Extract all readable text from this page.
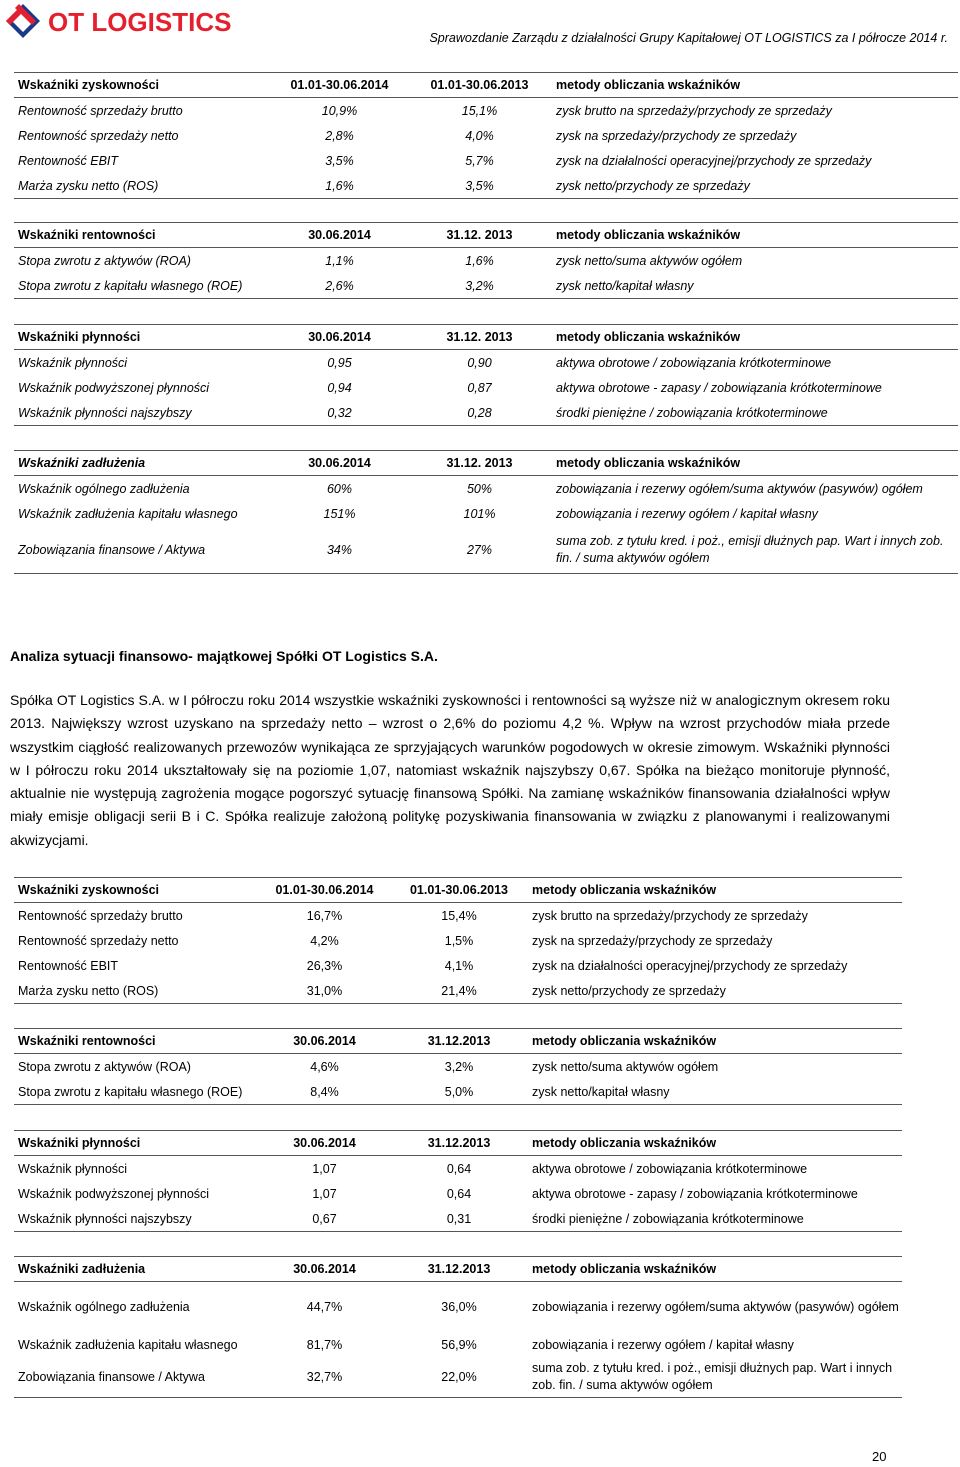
OT LOGISTICS
Sprawozdanie Zarządu z działalności Grupy Kapitałowej OT LOGISTICS za I półrocze 2014 r.
Wskaźniki zyskowności	01.01-30.06.2014	01.01-30.06.2013	metody obliczania wskaźników
Rentowność sprzedaży brutto	10,9%	15,1%	zysk brutto na sprzedaży/przychody ze sprzedaży
Rentowność sprzedaży netto	2,8%	4,0%	zysk na sprzedaży/przychody ze sprzedaży
Rentowność EBIT	3,5%	5,7%	zysk na działalności operacyjnej/przychody ze sprzedaży
Marża zysku netto (ROS)	1,6%	3,5%	zysk netto/przychody ze sprzedaży
Wskaźniki rentowności	30.06.2014	31.12. 2013	metody obliczania wskaźników
Stopa zwrotu z aktywów (ROA)	1,1%	1,6%	zysk netto/suma aktywów ogółem
Stopa zwrotu z kapitału własnego (ROE)	2,6%	3,2%	zysk netto/kapitał własny
Wskaźniki płynności	30.06.2014	31.12. 2013	metody obliczania wskaźników
Wskaźnik płynności	0,95	0,90	aktywa obrotowe / zobowiązania krótkoterminowe
Wskaźnik podwyższonej płynności	0,94	0,87	aktywa obrotowe - zapasy / zobowiązania krótkoterminowe
Wskaźnik płynności najszybszy	0,32	0,28	środki pieniężne / zobowiązania krótkoterminowe
Wskaźniki zadłużenia	30.06.2014	31.12. 2013	metody obliczania wskaźników
Wskaźnik ogólnego zadłużenia	60%	50%	zobowiązania i rezerwy ogółem/suma aktywów (pasywów) ogółem
Wskaźnik zadłużenia kapitału własnego	151%	101%	zobowiązania i rezerwy ogółem / kapitał własny
Zobowiązania finansowe / Aktywa	34%	27%	suma zob. z tytułu kred. i poż., emisji dłużnych pap. Wart i innych zob. fin. / suma aktywów ogółem
Analiza sytuacji finansowo- majątkowej Spółki OT Logistics S.A.

Spółka OT Logistics S.A. w I półroczu roku 2014 wszystkie wskaźniki zyskowności i rentowności są wyższe niż w analogicznym okresem roku 2013. Największy wzrost uzyskano na sprzedaży netto – wzrost o 2,6% do poziomu 4,2 %. Wpływ na wzrost przychodów miała przede wszystkim ciągłość realizowanych przewozów wynikająca ze sprzyjających warunków pogodowych w okresie zimowym. Wskaźniki płynności w I półroczu roku 2014 ukształtowały się na poziomie 1,07, natomiast wskaźnik najszybszy 0,67. Spółka na bieżąco monitoruje płynność, aktualnie nie występują zagrożenia mogące pogorszyć sytuację finansową Spółki. Na zamianę wskaźników finansowania działalności wpływ miały emisje obligacji serii B i C. Spółka realizuje założoną politykę pozyskiwania finansowania w związku z planowanymi i realizowanymi akwizycjami.

Wskaźniki zyskowności	01.01-30.06.2014	01.01-30.06.2013	metody obliczania wskaźników
Rentowność sprzedaży brutto	16,7%	15,4%	zysk brutto na sprzedaży/przychody ze sprzedaży
Rentowność sprzedaży netto	4,2%	1,5%	zysk na sprzedaży/przychody ze sprzedaży
Rentowność EBIT	26,3%	4,1%	zysk na działalności operacyjnej/przychody ze sprzedaży
Marża zysku netto (ROS)	31,0%	21,4%	zysk netto/przychody ze sprzedaży
Wskaźniki rentowności	30.06.2014	31.12.2013	metody obliczania wskaźników
Stopa zwrotu z aktywów (ROA)	4,6%	3,2%	zysk netto/suma aktywów ogółem
Stopa zwrotu z kapitału własnego (ROE)	8,4%	5,0%	zysk netto/kapitał własny
Wskaźniki płynności	30.06.2014	31.12.2013	metody obliczania wskaźników
Wskaźnik płynności	1,07	0,64	aktywa obrotowe / zobowiązania krótkoterminowe
Wskaźnik podwyższonej płynności	1,07	0,64	aktywa obrotowe - zapasy / zobowiązania krótkoterminowe
Wskaźnik płynności najszybszy	0,67	0,31	środki pieniężne / zobowiązania krótkoterminowe
Wskaźniki zadłużenia	30.06.2014	31.12.2013	metody obliczania wskaźników
Wskaźnik ogólnego zadłużenia	44,7%	36,0%	zobowiązania i rezerwy ogółem/suma aktywów (pasywów) ogółem
Wskaźnik zadłużenia kapitału własnego	81,7%	56,9%	zobowiązania i rezerwy ogółem / kapitał własny
Zobowiązania finansowe / Aktywa	32,7%	22,0%	suma zob. z tytułu kred. i poż., emisji dłużnych pap. Wart i innych zob. fin. / suma aktywów ogółem
20
